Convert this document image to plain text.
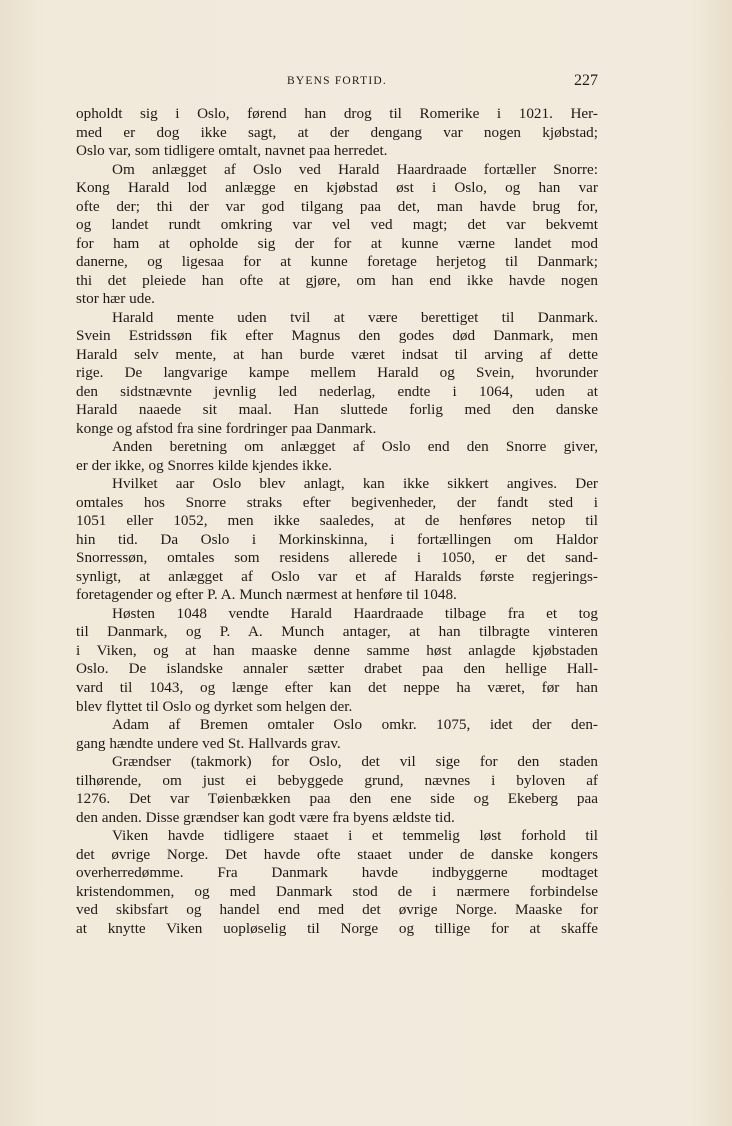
BYENS FORTID.	227
opholdt sig i Oslo, førend han drog til Romerike i 1021. Her-
med er dog ikke sagt, at der dengang var nogen kjøbstad;
Oslo var, som tidligere omtalt, navnet paa herredet.
Om anlægget af Oslo ved Harald Haardraade fortæller Snorre:
Kong Harald lod anlægge en kjøbstad øst i Oslo, og han var
ofte der; thi der var god tilgang paa det, man havde brug for,
og landet rundt omkring var vel ved magt; det var bekvemt
for ham at opholde sig der for at kunne værne landet mod
danerne, og ligesaa for at kunne foretage herjetog til Danmark;
thi det pleiede han ofte at gjøre, om han end ikke havde nogen
stor hær ude.
Harald mente uden tvil at være berettiget til Danmark.
Svein Estridssøn fik efter Magnus den godes død Danmark, men
Harald selv mente, at han burde været indsat til arving af dette
rige. De langvarige kampe mellem Harald og Svein, hvorunder
den sidstnævnte jevnlig led nederlag, endte i 1064, uden at
Harald naaede sit maal. Han sluttede forlig med den danske
konge og afstod fra sine fordringer paa Danmark.
Anden beretning om anlægget af Oslo end den Snorre giver,
er der ikke, og Snorres kilde kjendes ikke.
Hvilket aar Oslo blev anlagt, kan ikke sikkert angives. Der
omtales hos Snorre straks efter begivenheder, der fandt sted i
1051 eller 1052, men ikke saaledes, at de henføres netop til
hin tid. Da Oslo i Morkinskinna, i fortællingen om Haldor
Snorressøn, omtales som residens allerede i 1050, er det sand-
synligt, at anlægget af Oslo var et af Haralds første regjerings-
foretagender og efter P. A. Munch nærmest at henføre til 1048.
Høsten 1048 vendte Harald Haardraade tilbage fra et tog
til Danmark, og P. A. Munch antager, at han tilbragte vinteren
i Viken, og at han maaske denne samme høst anlagde kjøbstaden
Oslo. De islandske annaler sætter drabet paa den hellige Hall-
vard til 1043, og længe efter kan det neppe ha været, før han
blev flyttet til Oslo og dyrket som helgen der.
Adam af Bremen omtaler Oslo omkr. 1075, idet der den-
gang hændte undere ved St. Hallvards grav.
Grændser (takmork) for Oslo, det vil sige for den staden
tilhørende, om just ei bebyggede grund, nævnes i byloven af
1276. Det var Tøienbækken paa den ene side og Ekeberg paa
den anden. Disse grændser kan godt være fra byens ældste tid.
Viken havde tidligere staaet i et temmelig løst forhold til
det øvrige Norge. Det havde ofte staaet under de danske kongers
overherredømme. Fra Danmark havde indbyggerne modtaget
kristendommen, og med Danmark stod de i nærmere forbindelse
ved skibsfart og handel end med det øvrige Norge. Maaske for
at knytte Viken uopløselig til Norge og tillige for at skaffe
